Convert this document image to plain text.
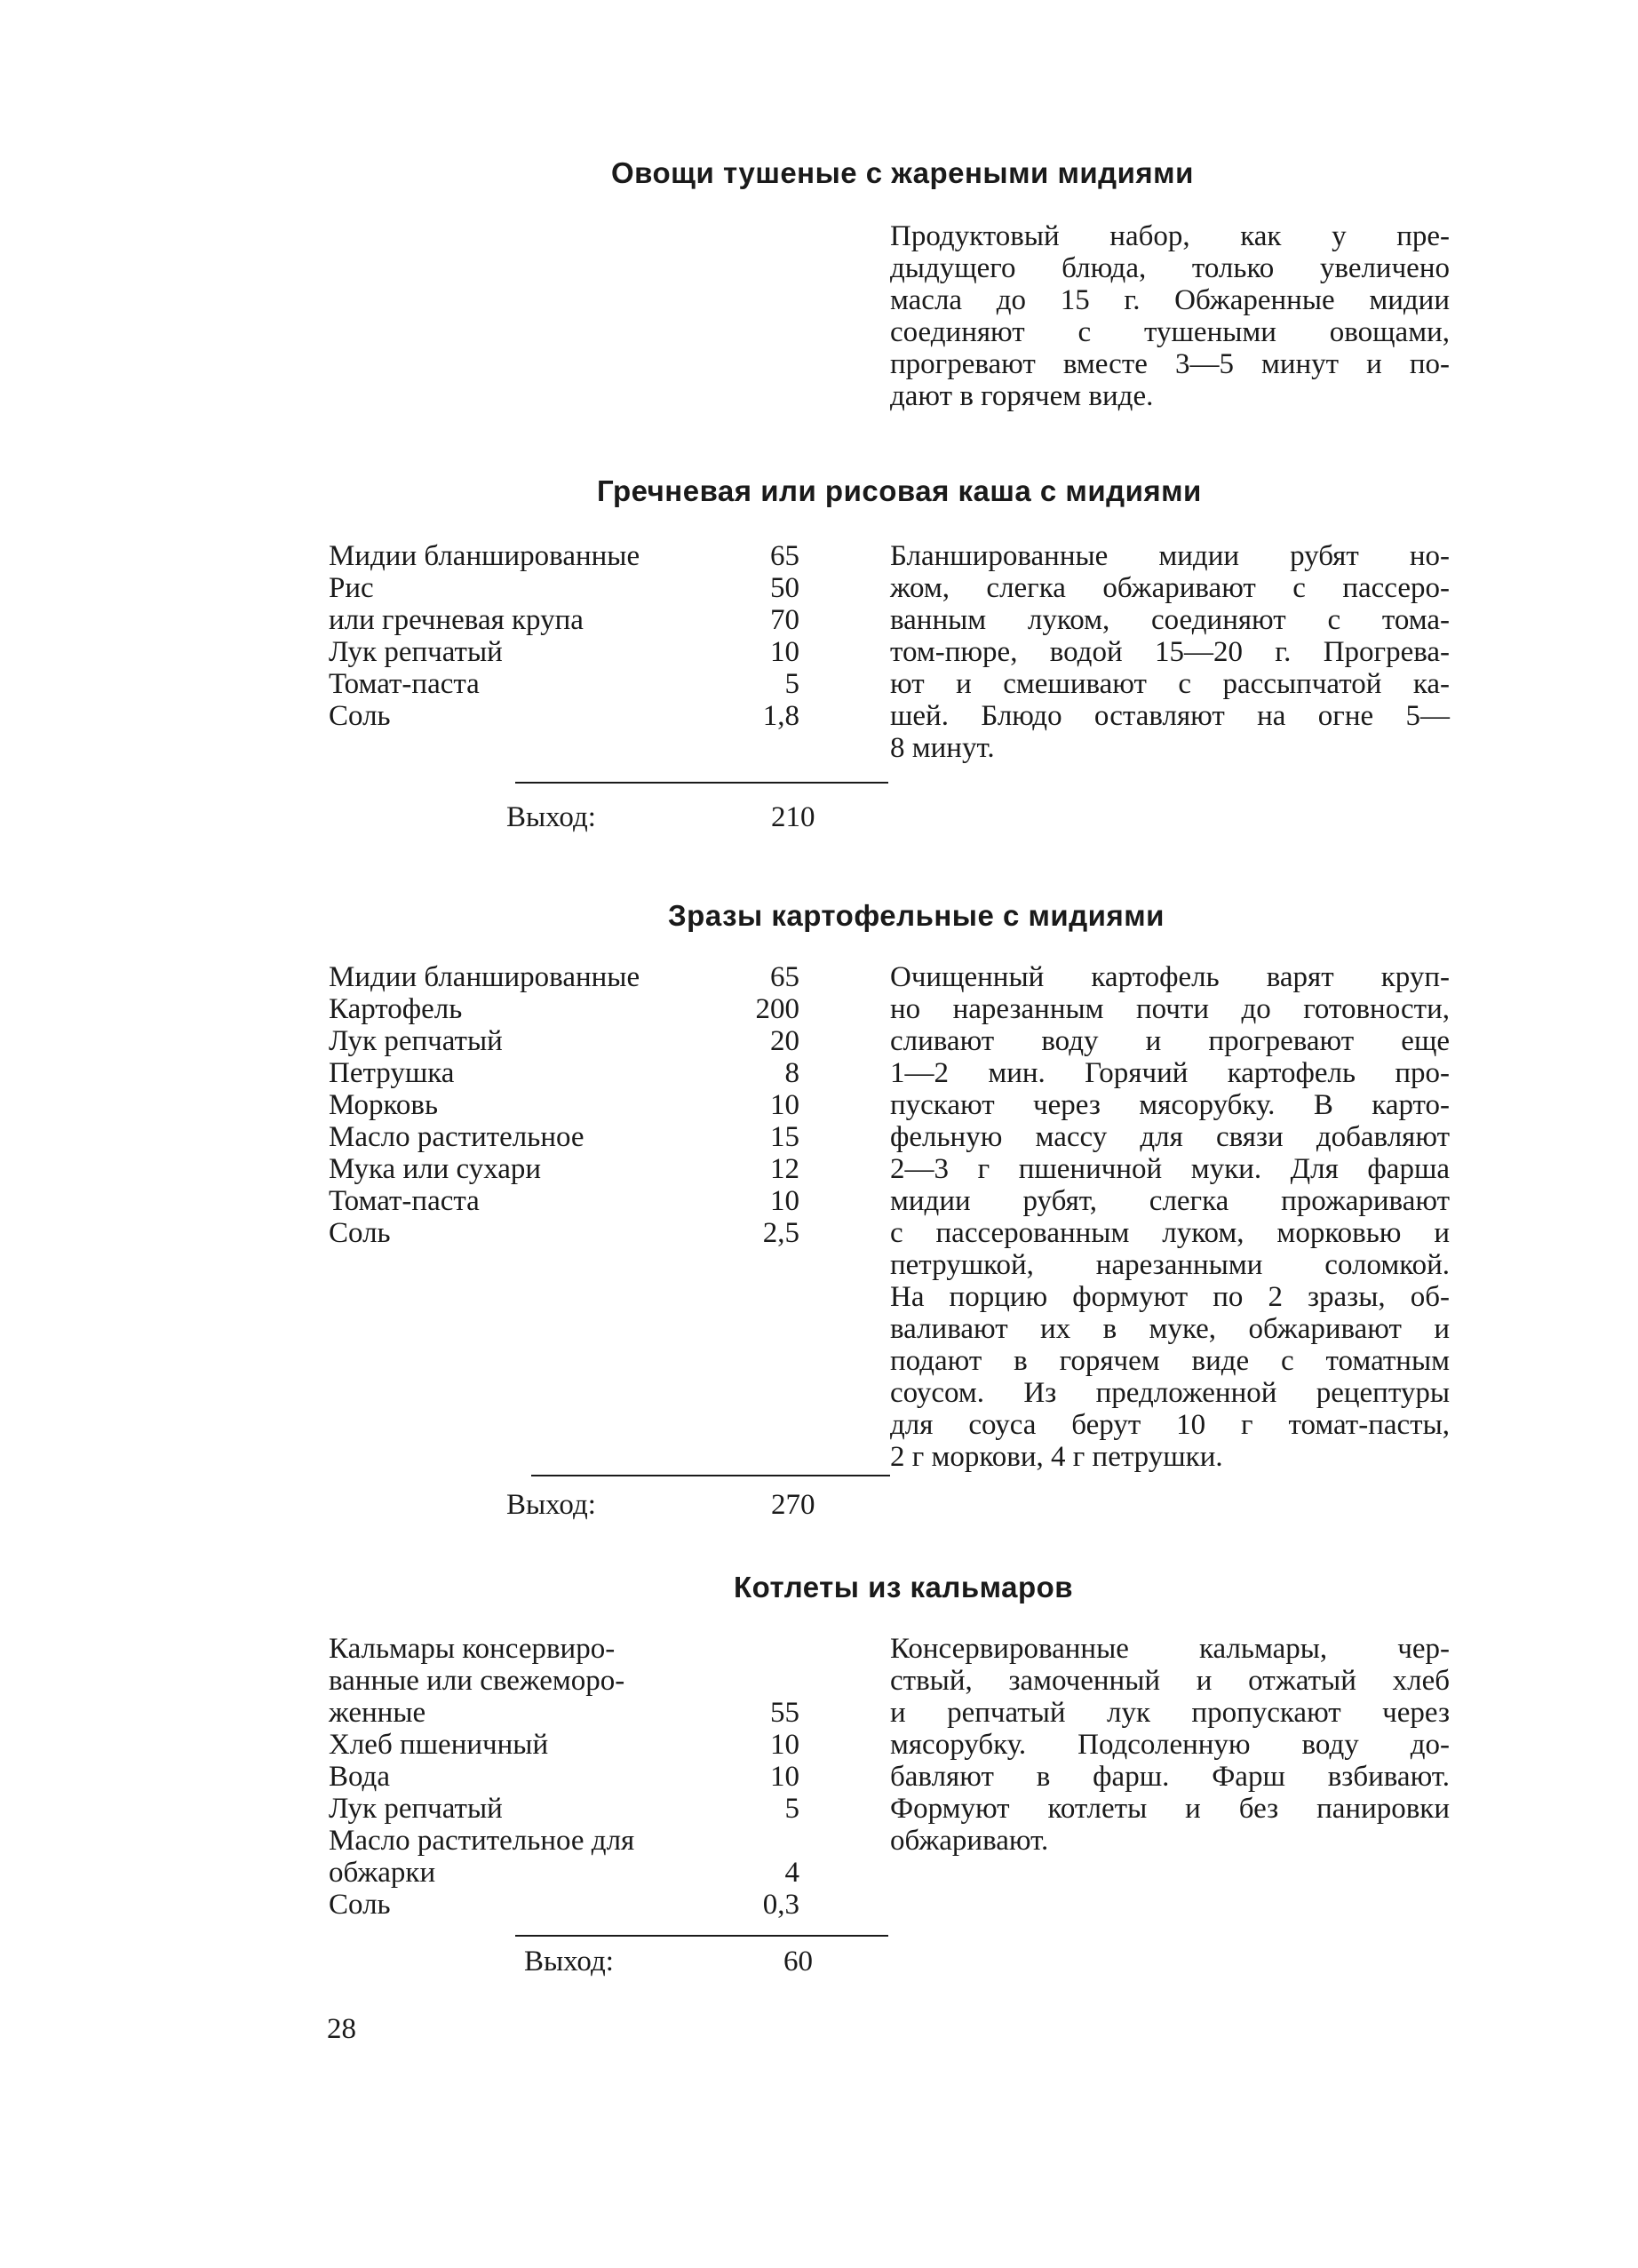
Овощи тушеные с жареными мидиями
Продуктовый набор, как у пре-
дыдущего блюда, только увеличено
масла до 15 г. Обжаренные мидии
соединяют с тушеными овощами,
прогревают вместе 3—5 минут и по-
дают в горячем виде.
Гречневая или рисовая каша с мидиями
Мидии бланшированные	65
Рис	50
или гречневая крупа	70
Лук репчатый	10
Томат-паста	5
Соль	1,8
Бланшированные мидии рубят но-
жом, слегка обжаривают с пассеро-
ванным луком, соединяют с тома-
том-пюре, водой 15—20 г. Прогрева-
ют и смешивают с рассыпчатой ка-
шей. Блюдо оставляют на огне 5—
8 минут.
Выход:	210
Зразы картофельные с мидиями
Мидии бланшированные	65
Картофель	200
Лук репчатый	20
Петрушка	8
Морковь	10
Масло растительное	15
Мука или сухари	12
Томат-паста	10
Соль	2,5
Очищенный картофель варят круп-
но нарезанным почти до готовности,
сливают воду и прогревают еще
1—2 мин. Горячий картофель про-
пускают через мясорубку. В карто-
фельную массу для связи добавляют
2—3 г пшеничной муки. Для фарша
мидии рубят, слегка прожаривают
с пассерованным луком, морковью и
петрушкой, нарезанными соломкой.
На порцию формуют по 2 зразы, об-
валивают их в муке, обжаривают и
подают в горячем виде с томатным
соусом. Из предложенной рецептуры
для соуса берут 10 г томат-пасты,
2 г моркови, 4 г петрушки.
Выход:	270
Котлеты из кальмаров
Кальмары консервиро-
ванные или свежеморо-
женные	55
Хлеб пшеничный	10
Вода	10
Лук репчатый	5
Масло растительное для
обжарки	4
Соль	0,3
Консервированные кальмары, чер-
ствый, замоченный и отжатый хлеб
и репчатый лук пропускают через
мясорубку. Подсоленную воду до-
бавляют в фарш. Фарш взбивают.
Формуют котлеты и без панировки
обжаривают.
Выход:	60
28
